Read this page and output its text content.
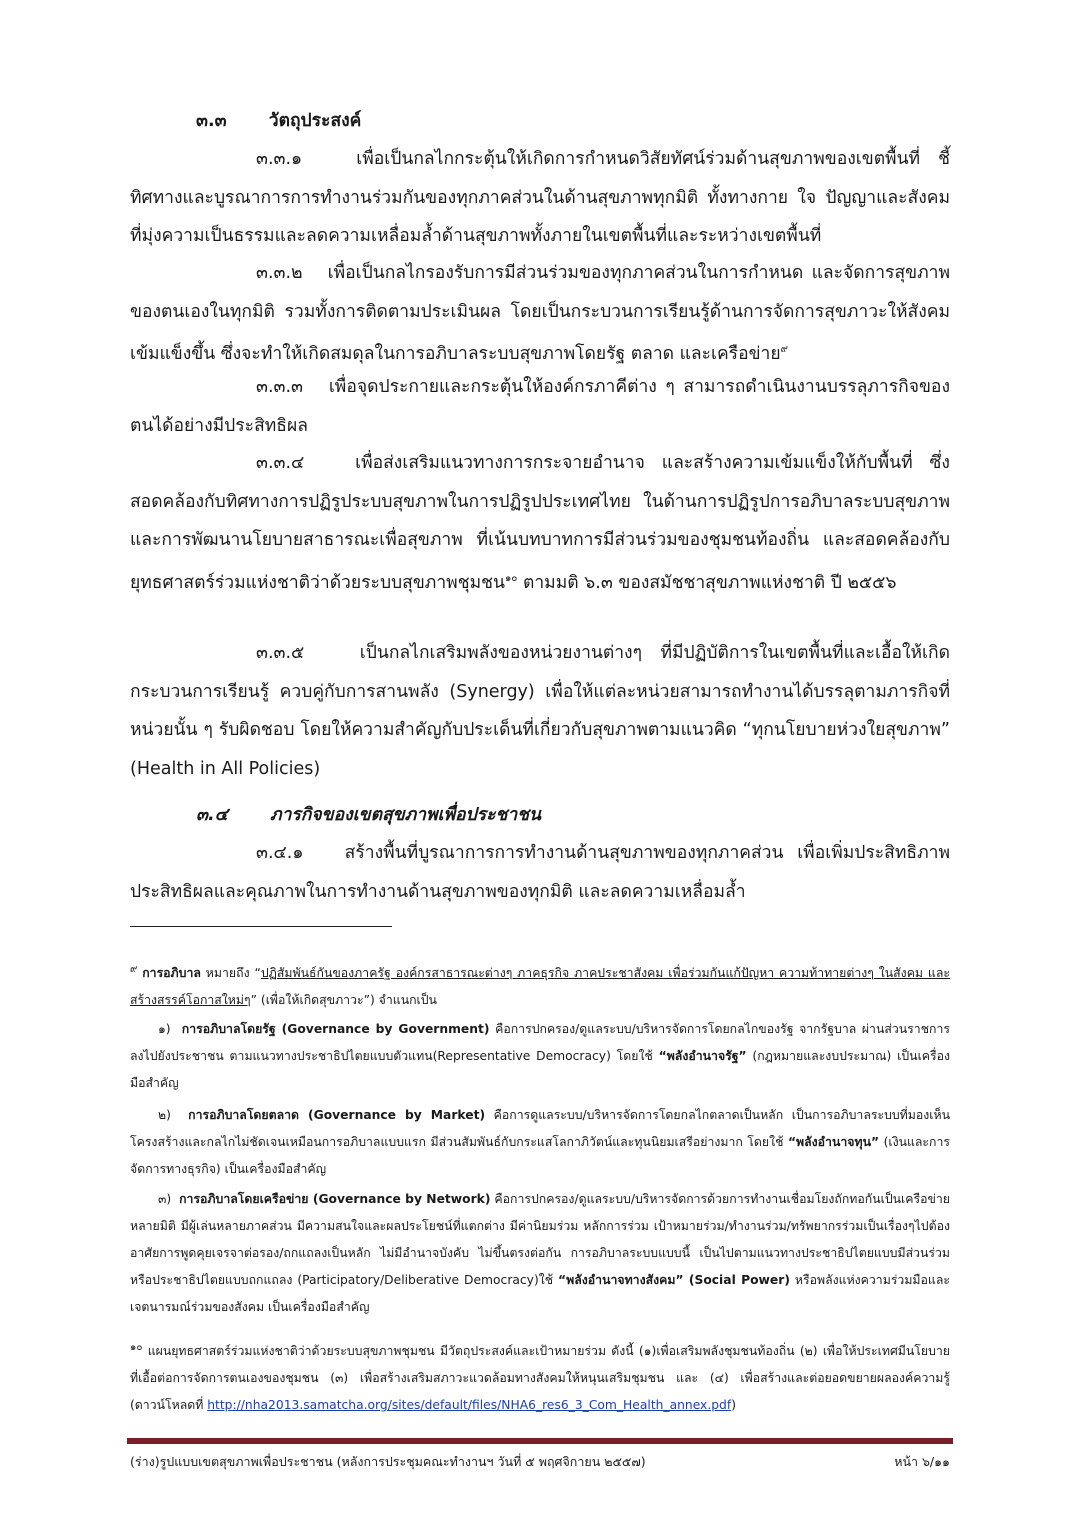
๓.๓ วัตถุประสงค์
๓.๓.๑	เพื่อเป็นกลไกกระตุ้นให้เกิดการกำหนดวิสัยทัศน์ร่วมด้านสุขภาพของเขตพื้นที่ ชี้ทิศทางและบูรณาการการทำงานร่วมกันของทุกภาคส่วนในด้านสุขภาพทุกมิติ ทั้งทางกาย ใจ ปัญญาและสังคม ที่มุ่งความเป็นธรรมและลดความเหลื่อมล้ำด้านสุขภาพทั้งภายในเขตพื้นที่และระหว่างเขตพื้นที่
๓.๓.๒ เพื่อเป็นกลไกรองรับการมีส่วนร่วมของทุกภาคส่วนในการกำหนด และจัดการสุขภาพของตนเองในทุกมิติ รวมทั้งการติดตามประเมินผล โดยเป็นกระบวนการเรียนรู้ด้านการจัดการสุขภาวะให้สังคมเข้มแข็งขึ้น ซึ่งจะทำให้เกิดสมดุลในการอภิบาลระบบสุขภาพโดยรัฐ ตลาด และเครือข่าย$^๙$
๓.๓.๓ เพื่อจุดประกายและกระตุ้นให้องค์กรภาคีต่าง ๆ สามารถดำเนินงานบรรลุภารกิจของตนได้อย่างมีประสิทธิผล
๓.๓.๔	เพื่อส่งเสริมแนวทางการกระจายอำนาจ และสร้างความเข้มแข็งให้กับพื้นที่ ซึ่งสอดคล้องกับทิศทางการปฏิรูประบบสุขภาพในการปฏิรูปประเทศไทย ในด้านการปฏิรูปการอภิบาลระบบสุขภาพและการพัฒนานโยบายสาธารณะเพื่อสุขภาพ ที่เน้นบทบาทการมีส่วนร่วมของชุมชนท้องถิ่น และสอดคล้องกับยุทธศาสตร์ร่วมแห่งชาติว่าด้วยระบบสุขภาพชุมชน$^{๑๐}$ ตามมติ ๖.๓ ของสมัชชาสุขภาพแห่งชาติ ปี ๒๕๕๖
๓.๓.๕	เป็นกลไกเสริมพลังของหน่วยงานต่างๆ ที่มีปฏิบัติการในเขตพื้นที่และเอื้อให้เกิดกระบวนการเรียนรู้ ควบคู่กับการสานพลัง (Synergy) เพื่อให้แต่ละหน่วยสามารถทำงานได้บรรลุตามภารกิจที่หน่วยนั้น ๆ รับผิดชอบ โดยให้ความสำคัญกับประเด็นที่เกี่ยวกับสุขภาพตามแนวคิด “ทุกนโยบายห่วงใยสุขภาพ” (Health in All Policies)
๓.๔ ภารกิจของเขตสุขภาพเพื่อประชาชน
๓.๔.๑ สร้างพื้นที่บูรณาการการทำงานด้านสุขภาพของทุกภาคส่วน เพื่อเพิ่มประสิทธิภาพ ประสิทธิผลและคุณภาพในการทำงานด้านสุขภาพของทุกมิติ และลดความเหลื่อมล้ำ
$^๙$ การอภิบาล หมายถึง “ปฏิสัมพันธ์กันของภาครัฐ องค์กรสาธารณะต่างๆ ภาคธุรกิจ ภาคประชาสังคม เพื่อร่วมกันแก้ปัญหา ความท้าทายต่างๆ ในสังคม และสร้างสรรค์โอกาสใหม่ๆ” (เพื่อให้เกิดสุขภาวะ”) จำแนกเป็น
๑) การอภิบาลโดยรัฐ (Governance by Government) คือการปกครอง/ดูแลระบบ/บริหารจัดการโดยกลไกของรัฐ จากรัฐบาล ผ่านส่วนราชการลงไปยังประชาชน ตามแนวทางประชาธิปไตยแบบตัวแทน(Representative Democracy) โดยใช้ “พลังอำนาจรัฐ” (กฎหมายและงบประมาณ) เป็นเครื่องมือสำคัญ
๒) การอภิบาลโดยตลาด (Governance by Market) คือการดูแลระบบ/บริหารจัดการโดยกลไกตลาดเป็นหลัก เป็นการอภิบาลระบบที่มองเห็นโครงสร้างและกลไกไม่ชัดเจนเหมือนการอภิบาลแบบแรก มีส่วนสัมพันธ์กับกระแสโลกาภิวัตน์และทุนนิยมเสรีอย่างมาก โดยใช้ “พลังอำนาจทุน” (เงินและการจัดการทางธุรกิจ) เป็นเครื่องมือสำคัญ
๓) การอภิบาลโดยเครือข่าย (Governance by Network) คือการปกครอง/ดูแลระบบ/บริหารจัดการด้วยการทำงานเชื่อมโยงถักทอกันเป็นเครือข่ายหลายมิติ มีผู้เล่นหลายภาคส่วน มีความสนใจและผลประโยชน์ที่แตกต่าง มีค่านิยมร่วม หลักการร่วม เป้าหมายร่วม/ทำงานร่วม/ทรัพยากรร่วมเป็นเรื่องๆไปต้องอาศัยการพูดคุยเจรจาต่อรอง/ถกแถลงเป็นหลัก ไม่มีอำนาจบังคับ ไม่ขึ้นตรงต่อกัน การอภิบาลระบบแบบนี้ เป็นไปตามแนวทางประชาธิปไตยแบบมีส่วนร่วม หรือประชาธิปไตยแบบถกแถลง (Participatory/Deliberative Democracy)ใช้ “พลังอำนาจทางสังคม” (Social Power) หรือพลังแห่งความร่วมมือและเจตนารมณ์ร่วมของสังคม เป็นเครื่องมือสำคัญ
$^{๑๐}$ แผนยุทธศาสตร์ร่วมแห่งชาติว่าด้วยระบบสุขภาพชุมชน มีวัตถุประสงค์และเป้าหมายร่วม ดังนี้ (๑)เพื่อเสริมพลังชุมชนท้องถิ่น (๒) เพื่อให้ประเทศมีนโยบายที่เอื้อต่อการจัดการตนเองของชุมชน (๓) เพื่อสร้างเสริมสภาวะแวดล้อมทางสังคมให้หนุนเสริมชุมชน และ (๔) เพื่อสร้างและต่อยอดขยายผลองค์ความรู้ (ดาวน์โหลดที่ http://nha2013.samatcha.org/sites/default/files/NHA6_res6_3_Com_Health_annex.pdf)
(ร่าง)รูปแบบเขตสุขภาพเพื่อประชาชน (หลังการประชุมคณะทำงานฯ วันที่ ๕ พฤศจิกายน ๒๕๕๗)	หน้า ๖/๑๑
